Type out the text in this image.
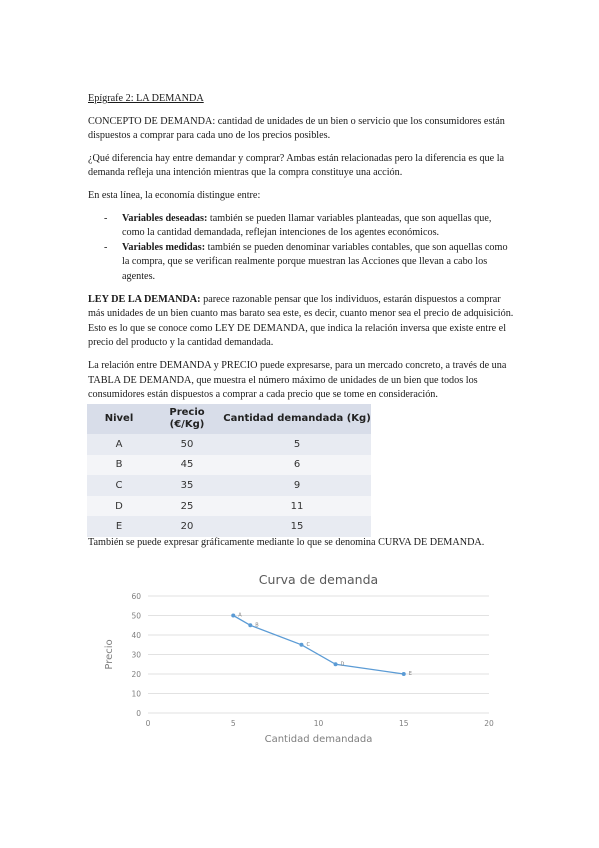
Epígrafe 2: LA DEMANDA

CONCEPTO DE DEMANDA: cantidad de unidades de un bien o servicio que los consumidores están dispuestos a comprar para cada uno de los precios posibles.

¿Qué diferencia hay entre demandar y comprar? Ambas están relacionadas pero la diferencia es que la demanda refleja una intención mientras que la compra constituye una acción.

En esta línea, la economía distingue entre:

- Variables deseadas: también se pueden llamar variables planteadas, que son aquellas que, como la cantidad demandada, reflejan intenciones de los agentes económicos.
- Variables medidas: también se pueden denominar variables contables, que son aquellas como la compra, que se verifican realmente porque muestran las Acciones que llevan a cabo los agentes.

LEY DE LA DEMANDA: parece razonable pensar que los individuos, estarán dispuestos a comprar más unidades de un bien cuanto mas barato sea este, es decir, cuanto menor sea el precio de adquisición. Esto es lo que se conoce como LEY DE DEMANDA, que indica la relación inversa que existe entre el precio del producto y la cantidad demandada.

La relación entre DEMANDA y PRECIO puede expresarse, para un mercado concreto, a través de una TABLA DE DEMANDA, que muestra el número máximo de unidades de un bien que todos los consumidores están dispuestos a comprar a cada precio que se tome en consideración.

Nivel	Precio (€/Kg)	Cantidad demandada (Kg)
A	50	5
B	45	6
C	35	9
D	25	11
E	20	15

También se puede expresar gráficamente mediante lo que se denomina CURVA DE DEMANDA.

Curva de demanda
0
10
20
30
40
50
60
0	5	10	15	20
Cantidad demandada
Precio
A
B
C
D
E
